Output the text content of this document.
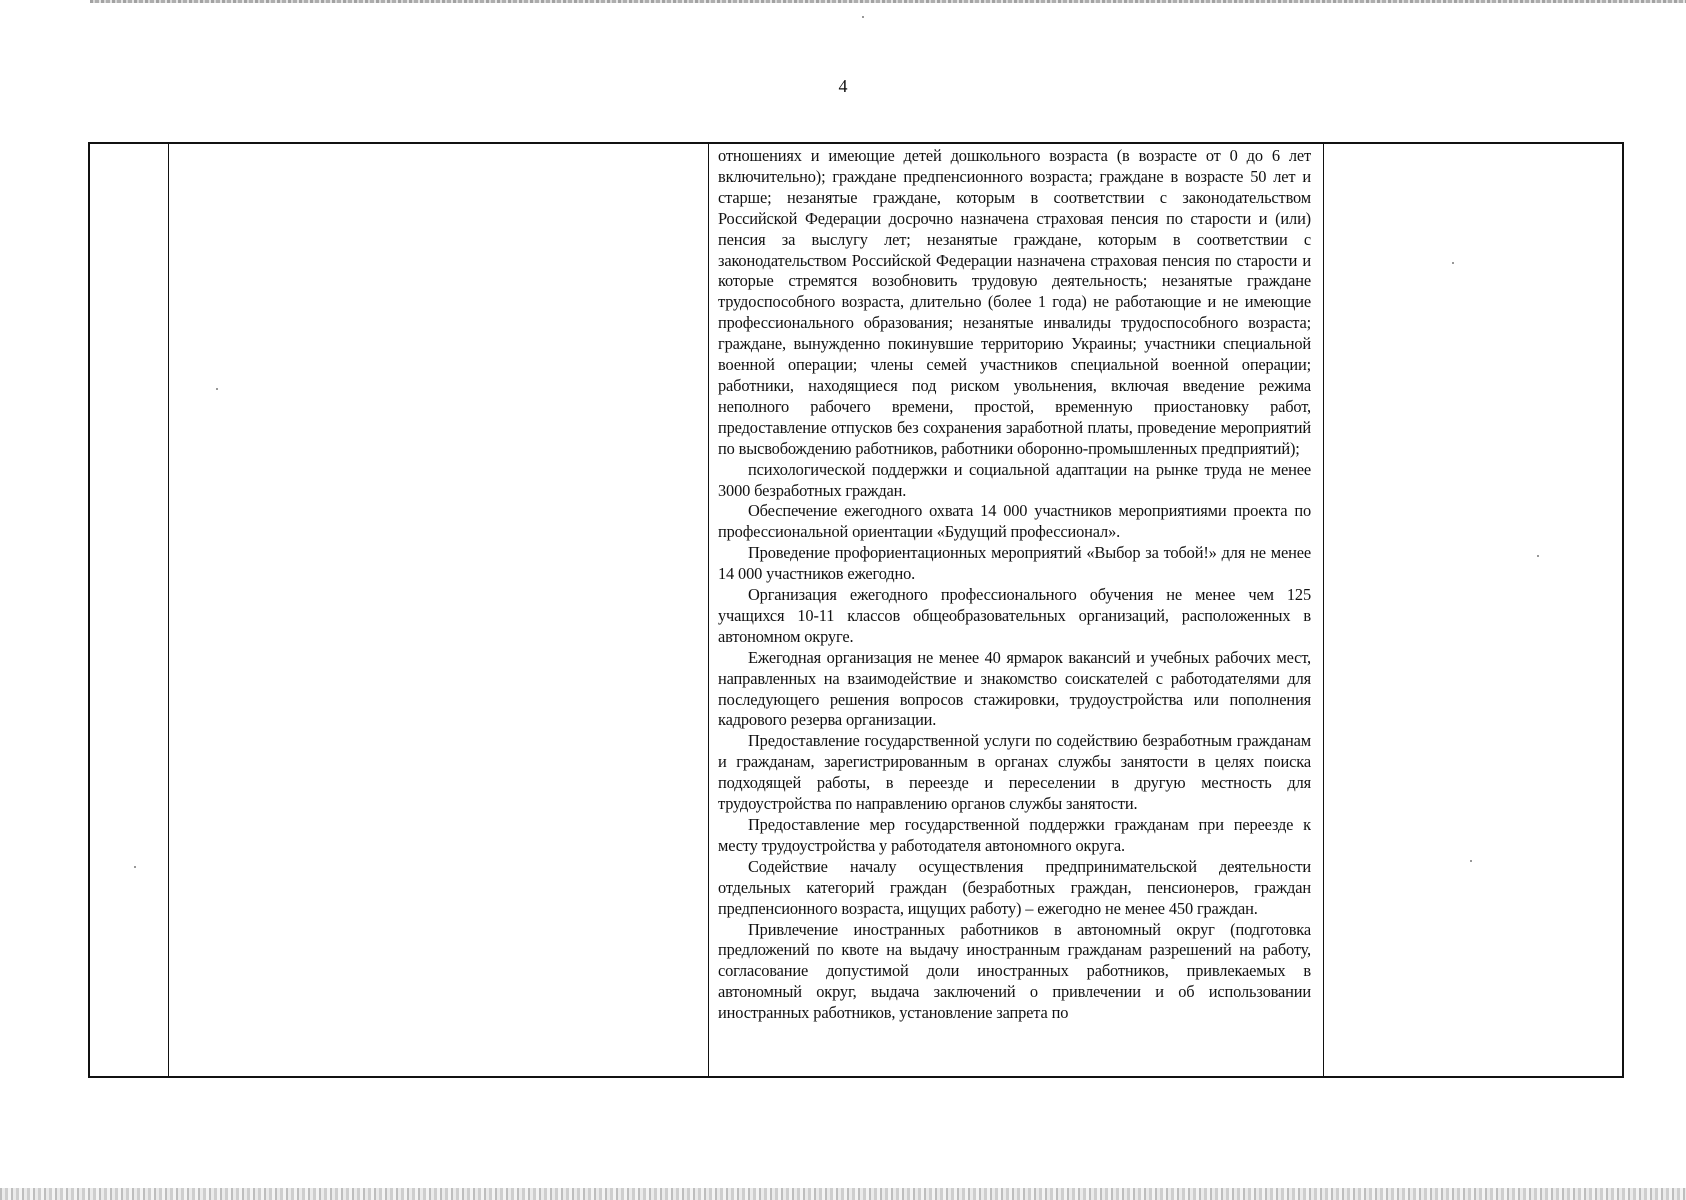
4

отношениях и имеющие детей дошкольного возраста (в возрасте от 0 до 6 лет включительно); граждане предпенсионного возраста; граждане в возрасте 50 лет и старше; незанятые граждане, которым в соответствии с законодательством Российской Федерации досрочно назначена страховая пенсия по старости и (или) пенсия за выслугу лет; незанятые граждане, которым в соответствии с законодательством Российской Федерации назначена страховая пенсия по старости и которые стремятся возобновить трудовую деятельность; незанятые граждане трудоспособного возраста, длительно (более 1 года) не работающие и не имеющие профессионального образования; незанятые инвалиды трудоспособного возраста; граждане, вынужденно покинувшие территорию Украины; участники специальной военной операции; члены семей участников специальной военной операции; работники, находящиеся под риском увольнения, включая введение режима неполного рабочего времени, простой, временную приостановку работ, предоставление отпусков без сохранения заработной платы, проведение мероприятий по высвобождению работников, работники оборонно-промышленных предприятий);

психологической поддержки и социальной адаптации на рынке труда не менее 3000 безработных граждан.

Обеспечение ежегодного охвата 14 000 участников мероприятиями проекта по профессиональной ориентации «Будущий профессионал».

Проведение профориентационных мероприятий «Выбор за тобой!» для не менее 14 000 участников ежегодно.

Организация ежегодного профессионального обучения не менее чем 125 учащихся 10-11 классов общеобразовательных организаций, расположенных в автономном округе.

Ежегодная организация не менее 40 ярмарок вакансий и учебных рабочих мест, направленных на взаимодействие и знакомство соискателей с работодателями для последующего решения вопросов стажировки, трудоустройства или пополнения кадрового резерва организации.

Предоставление государственной услуги по содействию безработным гражданам и гражданам, зарегистрированным в органах службы занятости в целях поиска подходящей работы, в переезде и переселении в другую местность для трудоустройства по направлению органов службы занятости.

Предоставление мер государственной поддержки гражданам при переезде к месту трудоустройства у работодателя автономного округа.

Содействие началу осуществления предпринимательской деятельности отдельных категорий граждан (безработных граждан, пенсионеров, граждан предпенсионного возраста, ищущих работу) – ежегодно не менее 450 граждан.

Привлечение иностранных работников в автономный округ (подготовка предложений по квоте на выдачу иностранным гражданам разрешений на работу, согласование допустимой доли иностранных работников, привлекаемых в автономный округ, выдача заключений о привлечении и об использовании иностранных работников, установление запрета по
